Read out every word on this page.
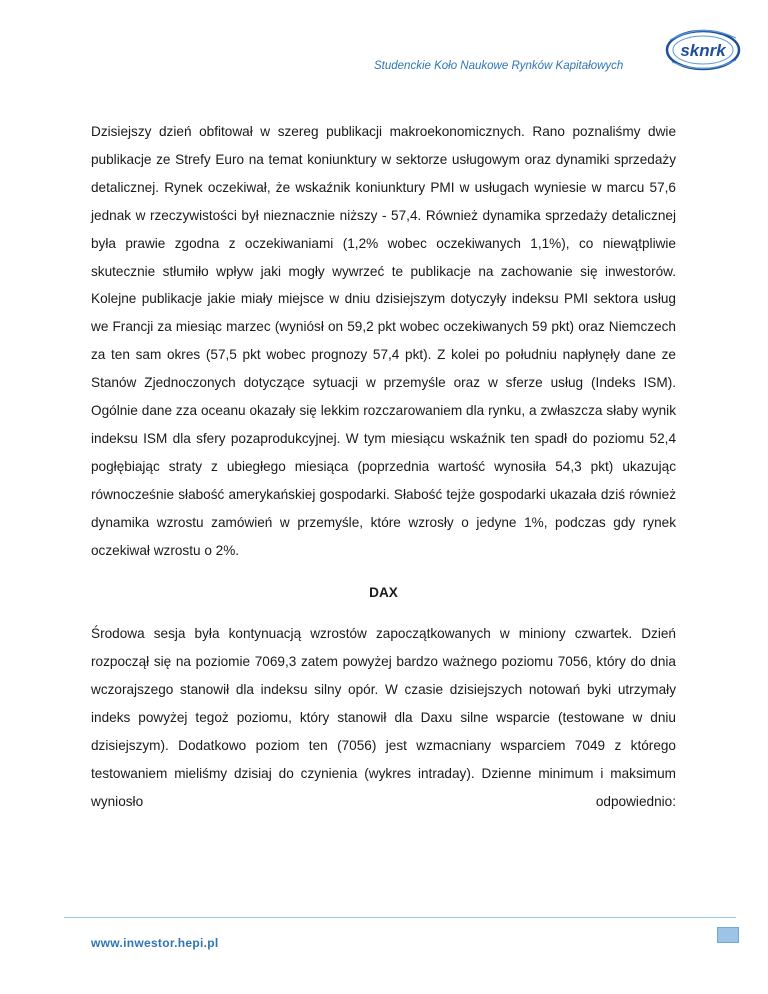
Studenckie Koło Naukowe Rynków Kapitałowych
sknrk

Dzisiejszy dzień obfitował w szereg publikacji makroekonomicznych. Rano poznaliśmy dwie publikacje ze Strefy Euro na temat koniunktury w sektorze usługowym oraz dynamiki sprzedaży detalicznej. Rynek oczekiwał, że wskaźnik koniunktury PMI w usługach wyniesie w marcu 57,6 jednak w rzeczywistości był nieznacznie niższy - 57,4. Również dynamika sprzedaży detalicznej była prawie zgodna z oczekiwaniami (1,2% wobec oczekiwanych 1,1%), co niewątpliwie skutecznie stłumiło wpływ jaki mogły wywrzeć te publikacje na zachowanie się inwestorów. Kolejne publikacje jakie miały miejsce w dniu dzisiejszym dotyczyły indeksu PMI sektora usług we Francji za miesiąc marzec (wyniósł on 59,2 pkt wobec oczekiwanych 59 pkt) oraz Niemczech za ten sam okres (57,5 pkt wobec prognozy 57,4 pkt). Z kolei po południu napłynęły dane ze Stanów Zjednoczonych dotyczące sytuacji w przemyśle oraz w sferze usług (Indeks ISM). Ogólnie dane zza oceanu okazały się lekkim rozczarowaniem dla rynku, a zwłaszcza słaby wynik indeksu ISM dla sfery pozaprodukcyjnej. W tym miesiącu wskaźnik ten spadł do poziomu 52,4 pogłębiając straty z ubiegłego miesiąca (poprzednia wartość wynosiła 54,3 pkt) ukazując równocześnie słabość amerykańskiej gospodarki. Słabość tejże gospodarki ukazała dziś również dynamika wzrostu zamówień w przemyśle, które wzrosły o jedyne 1%, podczas gdy rynek oczekiwał wzrostu o 2%.

DAX

Środowa sesja była kontynuacją wzrostów zapoczątkowanych w miniony czwartek. Dzień rozpoczął się na poziomie 7069,3 zatem powyżej bardzo ważnego poziomu 7056, który do dnia wczorajszego stanowił dla indeksu silny opór. W czasie dzisiejszych notowań byki utrzymały indeks powyżej tegoż poziomu, który stanowił dla Daxu silne wsparcie (testowane w dniu dzisiejszym). Dodatkowo poziom ten (7056) jest wzmacniany wsparciem 7049 z którego testowaniem mieliśmy dzisiaj do czynienia (wykres intraday). Dzienne minimum i maksimum wyniosło odpowiednio:

www.inwestor.hepi.pl
